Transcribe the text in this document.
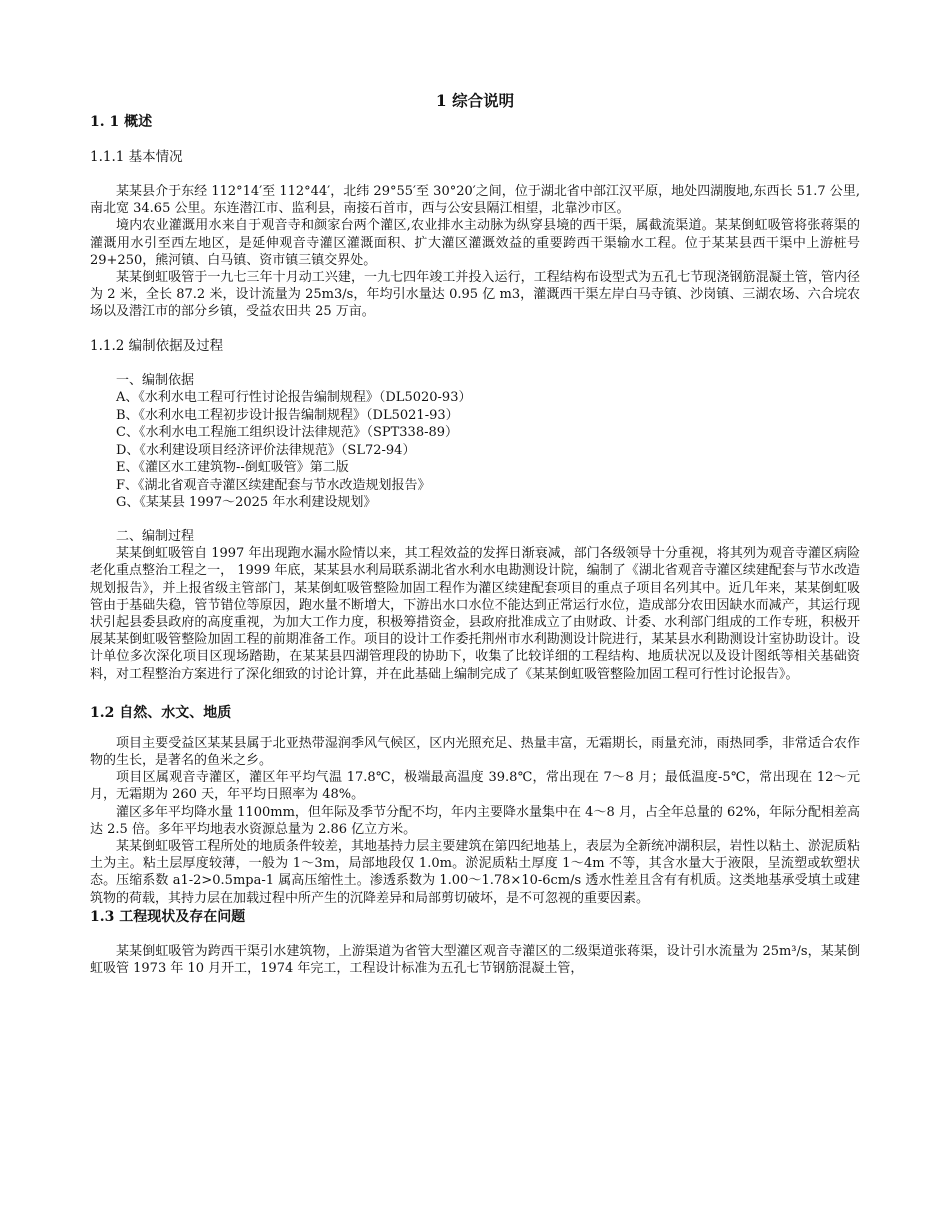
1 综合说明

1. 1 概述

1.1.1 基本情况

某某县介于东经 112°14′至 112°44′，北纬 29°55′至 30°20′之间，位于湖北省中部江汉平原，地处四湖腹地,东西长 51.7 公里,南北宽 34.65 公里。东连潜江市、监利县，南接石首市，西与公安县隔江相望，北靠沙市区。

境内农业灌溉用水来自于观音寺和颜家台两个灌区,农业排水主动脉为纵穿县境的西干渠，属截流渠道。某某倒虹吸管将张蒋渠的灌溉用水引至西左地区，是延伸观音寺灌区灌溉面积、扩大灌区灌溉效益的重要跨西干渠输水工程。位于某某县西干渠中上游桩号 29+250，熊河镇、白马镇、资市镇三镇交界处。

某某倒虹吸管于一九七三年十月动工兴建，一九七四年竣工并投入运行，工程结构布设型式为五孔七节现浇钢筋混凝土管，管内径为 2 米，全长 87.2 米，设计流量为 25m3/s，年均引水量达 0.95 亿 m3，灌溉西干渠左岸白马寺镇、沙岗镇、三湖农场、六合垸农场以及潜江市的部分乡镇，受益农田共 25 万亩。

1.1.2 编制依据及过程

一、编制依据

A、《水利水电工程可行性讨论报告编制规程》（DL5020-93）

B、《水利水电工程初步设计报告编制规程》（DL5021-93）

C、《水利水电工程施工组织设计法律规范》（SPT338-89）

D、《水利建设项目经济评价法律规范》（SL72-94）

E、《灌区水工建筑物--倒虹吸管》第二版

F、《湖北省观音寺灌区续建配套与节水改造规划报告》

G、《某某县 1997～2025 年水利建设规划》

二、编制过程

某某倒虹吸管自 1997 年出现跑水漏水险情以来，其工程效益的发挥日渐衰减，部门各级领导十分重视，将其列为观音寺灌区病险老化重点整治工程之一， 1999 年底，某某县水利局联系湖北省水利水电勘测设计院，编制了《湖北省观音寺灌区续建配套与节水改造规划报告》，并上报省级主管部门，某某倒虹吸管整险加固工程作为灌区续建配套项目的重点子项目名列其中。近几年来，某某倒虹吸管由于基础失稳，管节错位等原因，跑水量不断增大，下游出水口水位不能达到正常运行水位，造成部分农田因缺水而减产，其运行现状引起县委县政府的高度重视，为加大工作力度，积极筹措资金，县政府批准成立了由财政、计委、水利部门组成的工作专班，积极开展某某倒虹吸管整险加固工程的前期准备工作。项目的设计工作委托荆州市水利勘测设计院进行，某某县水利勘测设计室协助设计。设计单位多次深化项目区现场踏勘，在某某县四湖管理段的协助下，收集了比较详细的工程结构、地质状况以及设计图纸等相关基础资料，对工程整治方案进行了深化细致的讨论计算，并在此基础上编制完成了《某某倒虹吸管整险加固工程可行性讨论报告》。

1.2 自然、水文、地质

项目主要受益区某某县属于北亚热带湿润季风气候区，区内光照充足、热量丰富，无霜期长，雨量充沛，雨热同季，非常适合农作物的生长，是著名的鱼米之乡。

项目区属观音寺灌区，灌区年平均气温 17.8℃，极端最高温度 39.8℃，常出现在 7～8 月；最低温度-5℃，常出现在 12～元月，无霜期为 260 天，年平均日照率为 48%。

灌区多年平均降水量 1100mm，但年际及季节分配不均，年内主要降水量集中在 4～8 月，占全年总量的 62%，年际分配相差高达 2.5 倍。多年平均地表水资源总量为 2.86 亿立方米。

某某倒虹吸管工程所处的地质条件较差，其地基持力层主要建筑在第四纪地基上，表层为全新统冲湖积层，岩性以粘土、淤泥质粘土为主。粘土层厚度较薄，一般为 1～3m，局部地段仅 1.0m。淤泥质粘土厚度 1～4m 不等，其含水量大于液限，呈流塑或软塑状态。压缩系数 a1-2>0.5mpa-1 属高压缩性土。渗透系数为 1.00～1.78×10-6cm/s 透水性差且含有有机质。这类地基承受填土或建筑物的荷载，其持力层在加载过程中所产生的沉降差异和局部剪切破坏，是不可忽视的重要因素。

1.3 工程现状及存在问题

某某倒虹吸管为跨西干渠引水建筑物，上游渠道为省管大型灌区观音寺灌区的二级渠道张蒋渠，设计引水流量为 25m³/s，某某倒虹吸管 1973 年 10 月开工，1974 年完工，工程设计标准为五孔七节钢筋混凝土管，
